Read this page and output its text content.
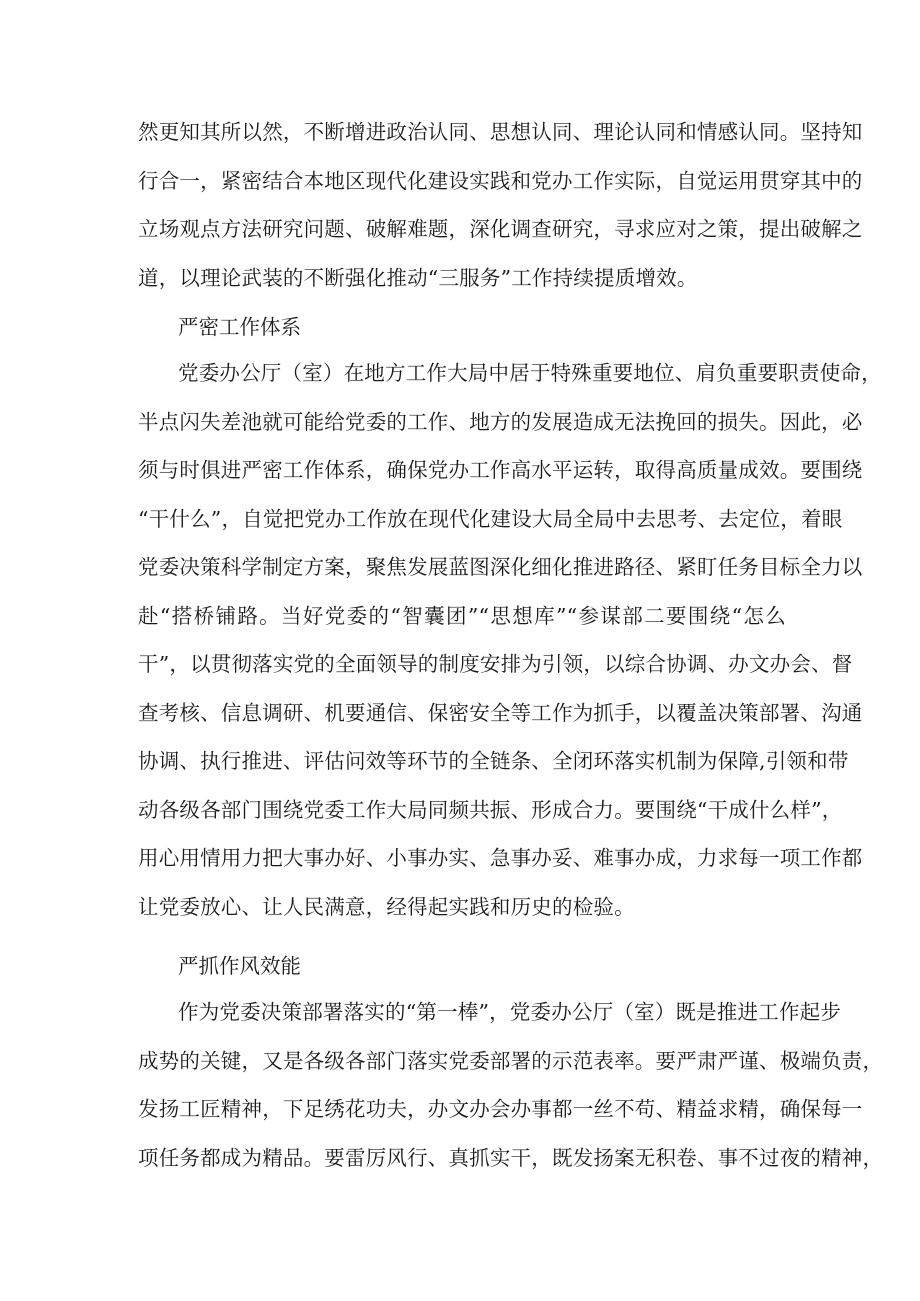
然更知其所以然，不断增进政治认同、思想认同、理论认同和情感认同。坚持知
行合一，紧密结合本地区现代化建设实践和党办工作实际，自觉运用贯穿其中的
立场观点方法研究问题、破解难题，深化调查研究，寻求应对之策，提出破解之
道，以理论武装的不断强化推动“三服务”工作持续提质增效。
严密工作体系
党委办公厅（室）在地方工作大局中居于特殊重要地位、肩负重要职责使命，
半点闪失差池就可能给党委的工作、地方的发展造成无法挽回的损失。因此，必
须与时俱进严密工作体系，确保党办工作高水平运转，取得高质量成效。要围绕
“干什么”，自觉把党办工作放在现代化建设大局全局中去思考、去定位，着眼
党委决策科学制定方案，聚焦发展蓝图深化细化推进路径、紧盯任务目标全力以
赴“搭桥铺路。当好党委的“智囊团”“思想库”“参谋部二要围绕“怎么
干”，以贯彻落实党的全面领导的制度安排为引领，以综合协调、办文办会、督
查考核、信息调研、机要通信、保密安全等工作为抓手，以覆盖决策部署、沟通
协调、执行推进、评估问效等环节的全链条、全闭环落实机制为保障,引领和带
动各级各部门围绕党委工作大局同频共振、形成合力。要围绕“干成什么样”，
用心用情用力把大事办好、小事办实、急事办妥、难事办成，力求每一项工作都
让党委放心、让人民满意，经得起实践和历史的检验。
严抓作风效能
作为党委决策部署落实的“第一棒”，党委办公厅（室）既是推进工作起步
成势的关键，又是各级各部门落实党委部署的示范表率。要严肃严谨、极端负责，
发扬工匠精神，下足绣花功夫，办文办会办事都一丝不苟、精益求精，确保每一
项任务都成为精品。要雷厉风行、真抓实干，既发扬案无积卷、事不过夜的精神，
